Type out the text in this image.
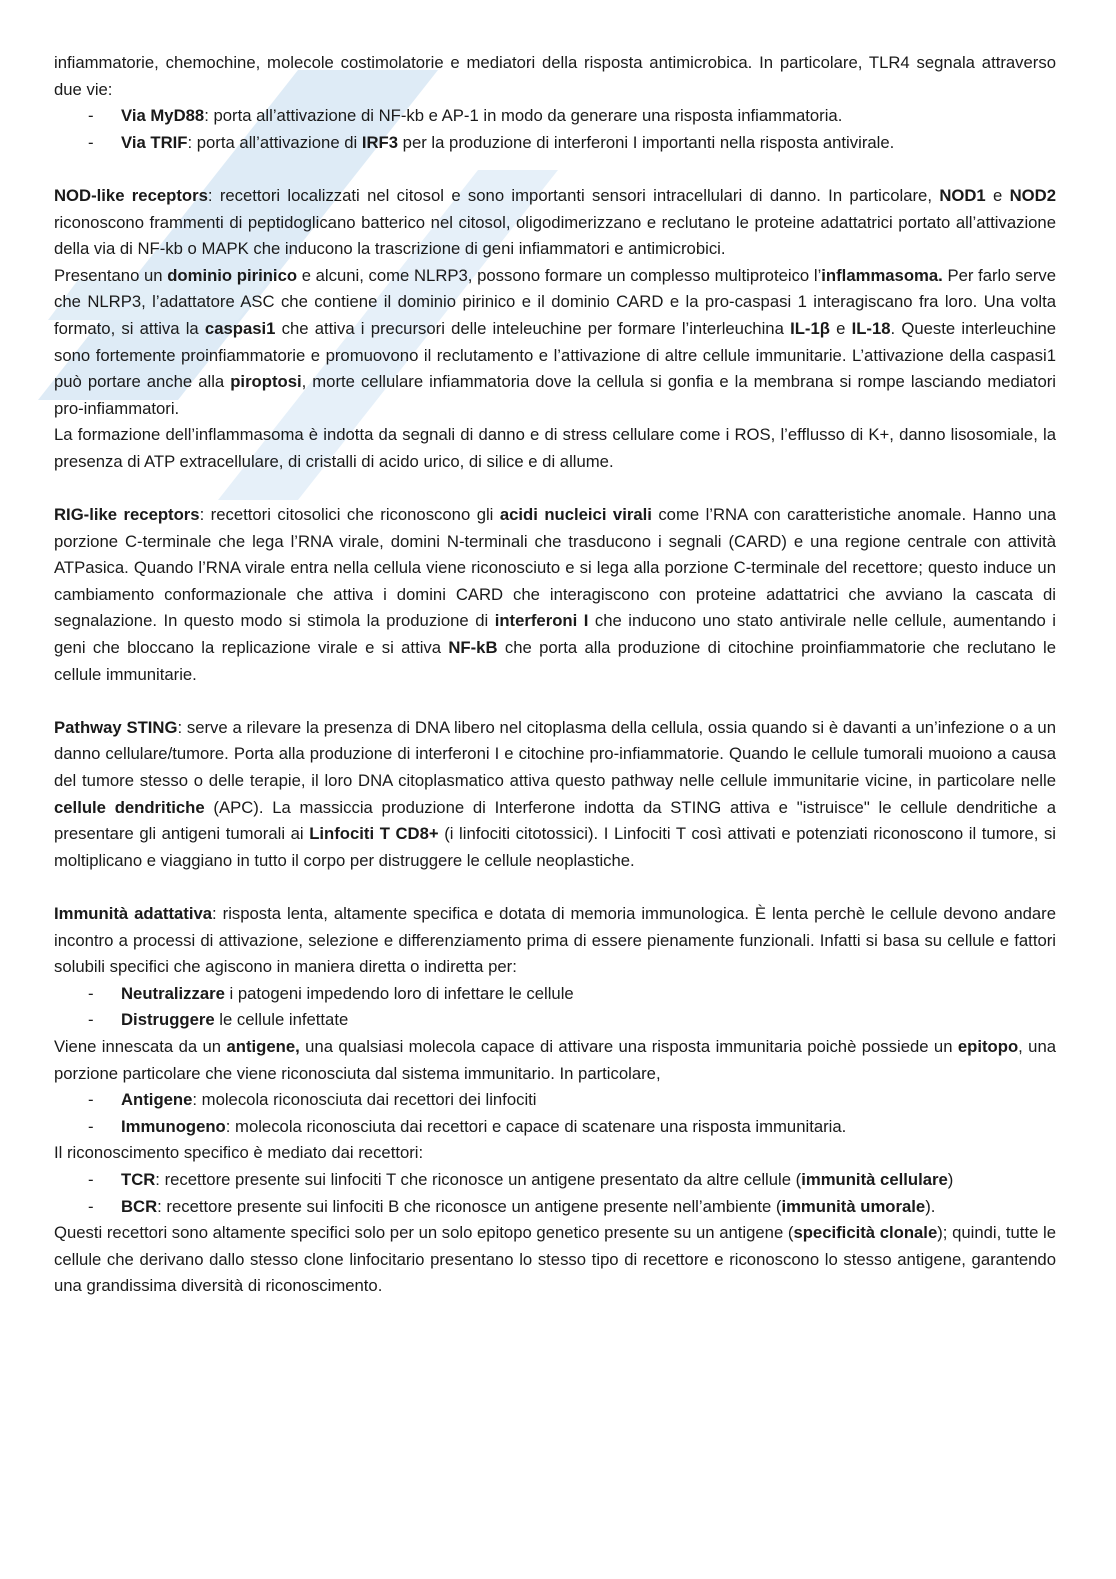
infiammatorie, chemochine, molecole costimolatorie e mediatori della risposta antimicrobica. In particolare, TLR4 segnala attraverso due vie:

- Via MyD88: porta all’attivazione di NF-kb e AP-1 in modo da generare una risposta infiammatoria.
- Via TRIF: porta all’attivazione di IRF3 per la produzione di interferoni I importanti nella risposta antivirale.

NOD-like receptors: recettori localizzati nel citosol e sono importanti sensori intracellulari di danno. In particolare, NOD1 e NOD2 riconoscono frammenti di peptidoglicano batterico nel citosol, oligodimerizzano e reclutano le proteine adattatrici portato all’attivazione della via di NF-kb o MAPK che inducono la trascrizione di geni infiammatori e antimicrobici.

Presentano un dominio pirinico e alcuni, come NLRP3, possono formare un complesso multiproteico l’inflammasoma. Per farlo serve che NLRP3, l’adattatore ASC che contiene il dominio pirinico e il dominio CARD e la pro-caspasi 1 interagiscano fra loro. Una volta formato, si attiva la caspasi1 che attiva i precursori delle inteleuchine per formare l’interleuchina IL-1β e IL-18. Queste interleuchine sono fortemente proinfiammatorie e promuovono il reclutamento e l’attivazione di altre cellule immunitarie. L’attivazione della caspasi1 può portare anche alla piroptosi, morte cellulare infiammatoria dove la cellula si gonfia e la membrana si rompe lasciando mediatori pro-infiammatori.

La formazione dell’inflammasoma è indotta da segnali di danno e di stress cellulare come i ROS, l’efflusso di K+, danno lisosomiale, la presenza di ATP extracellulare, di cristalli di acido urico, di silice e di allume.

RIG-like receptors: recettori citosolici che riconoscono gli acidi nucleici virali come l’RNA con caratteristiche anomale. Hanno una porzione C-terminale che lega l’RNA virale, domini N-terminali che trasducono i segnali (CARD) e una regione centrale con attività ATPasica. Quando l’RNA virale entra nella cellula viene riconosciuto e si lega alla porzione C-terminale del recettore; questo induce un cambiamento conformazionale che attiva i domini CARD che interagiscono con proteine adattatrici che avviano la cascata di segnalazione. In questo modo si stimola la produzione di interferoni I che inducono uno stato antivirale nelle cellule, aumentando i geni che bloccano la replicazione virale e si attiva NF-kB che porta alla produzione di citochine proinfiammatorie che reclutano le cellule immunitarie.

Pathway STING: serve a rilevare la presenza di DNA libero nel citoplasma della cellula, ossia quando si è davanti a un’infezione o a un danno cellulare/tumore. Porta alla produzione di interferoni I e citochine pro-infiammatorie. Quando le cellule tumorali muoiono a causa del tumore stesso o delle terapie, il loro DNA citoplasmatico attiva questo pathway nelle cellule immunitarie vicine, in particolare nelle cellule dendritiche (APC). La massiccia produzione di Interferone indotta da STING attiva e "istruisce" le cellule dendritiche a presentare gli antigeni tumorali ai Linfociti T CD8+ (i linfociti citotossici). I Linfociti T così attivati e potenziati riconoscono il tumore, si moltiplicano e viaggiano in tutto il corpo per distruggere le cellule neoplastiche.

Immunità adattativa: risposta lenta, altamente specifica e dotata di memoria immunologica. È lenta perchè le cellule devono andare incontro a processi di attivazione, selezione e differenziamento prima di essere pienamente funzionali. Infatti si basa su cellule e fattori solubili specifici che agiscono in maniera diretta o indiretta per:

- Neutralizzare i patogeni impedendo loro di infettare le cellule
- Distruggere le cellule infettate

Viene innescata da un antigene, una qualsiasi molecola capace di attivare una risposta immunitaria poichè possiede un epitopo, una porzione particolare che viene riconosciuta dal sistema immunitario. In particolare,

- Antigene: molecola riconosciuta dai recettori dei linfociti
- Immunogeno: molecola riconosciuta dai recettori e capace di scatenare una risposta immunitaria.

Il riconoscimento specifico è mediato dai recettori:

- TCR: recettore presente sui linfociti T che riconosce un antigene presentato da altre cellule (immunità cellulare)
- BCR: recettore presente sui linfociti B che riconosce un antigene presente nell’ambiente (immunità umorale).

Questi recettori sono altamente specifici solo per un solo epitopo genetico presente su un antigene (specificità clonale); quindi, tutte le cellule che derivano dallo stesso clone linfocitario presentano lo stesso tipo di recettore e riconoscono lo stesso antigene, garantendo una grandissima diversità di riconoscimento.
